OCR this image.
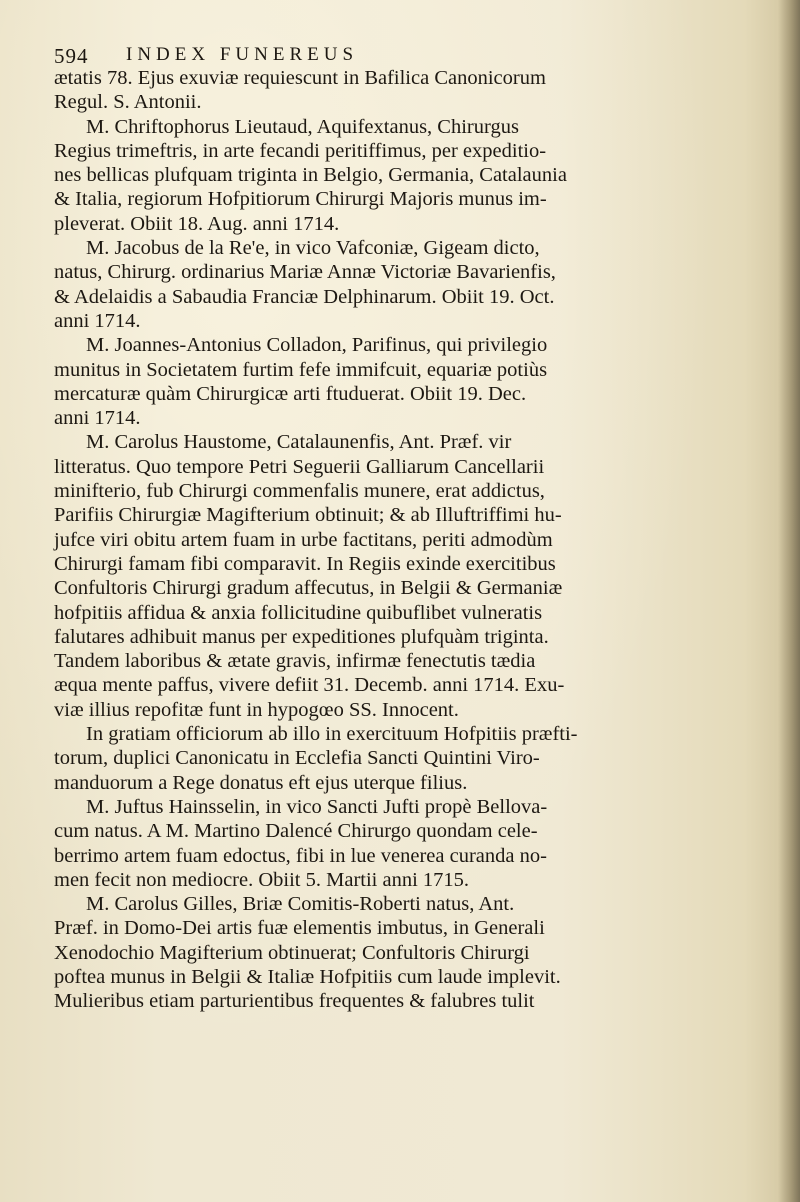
594 INDEX FUNEREUS
ætatis 78. Ejus exuviæ requiescunt in Bafilica Canonicorum
Regul. S. Antonii.
M. Chriftophorus Lieutaud, Aquifextanus, Chirurgus
Regius trimeftris, in arte fecandi peritiffimus, per expeditio-
nes bellicas plufquam triginta in Belgio, Germania, Catalaunia
& Italia, regiorum Hofpitiorum Chirurgi Majoris munus im-
pleverat. Obiit 18. Aug. anni 1714.
M. Jacobus de la Re'e, in vico Vafconiæ, Gigeam dicto,
natus, Chirurg. ordinarius Mariæ Annæ Victoriæ Bavarienfis,
& Adelaidis a Sabaudia Franciæ Delphinarum. Obiit 19. Oct.
anni 1714.
M. Joannes-Antonius Colladon, Parifinus, qui privilegio
munitus in Societatem furtim fefe immifcuit, equariæ potiùs
mercaturæ quàm Chirurgicæ arti ftuduerat. Obiit 19. Dec.
anni 1714.
M. Carolus Haustome, Catalaunenfis, Ant. Præf. vir
litteratus. Quo tempore Petri Seguerii Galliarum Cancellarii
minifterio, fub Chirurgi commenfalis munere, erat addictus,
Parifiis Chirurgiæ Magifterium obtinuit; & ab Illuftriffimi hu-
jufce viri obitu artem fuam in urbe factitans, periti admodùm
Chirurgi famam fibi comparavit. In Regiis exinde exercitibus
Confultoris Chirurgi gradum affecutus, in Belgii & Germaniæ
hofpitiis affidua & anxia follicitudine quibuflibet vulneratis
falutares adhibuit manus per expeditiones plufquàm triginta.
Tandem laboribus & ætate gravis, infirmæ fenectutis tædia
æqua mente paffus, vivere defiit 31. Decemb. anni 1714. Exu-
viæ illius repofitæ funt in hypogœo SS. Innocent.
In gratiam officiorum ab illo in exercituum Hofpitiis præfti-
torum, duplici Canonicatu in Ecclefia Sancti Quintini Viro-
manduorum a Rege donatus eft ejus uterque filius.
M. Juftus Hainsselin, in vico Sancti Jufti propè Bellova-
cum natus. A M. Martino Dalencé Chirurgo quondam cele-
berrimo artem fuam edoctus, fibi in lue venerea curanda no-
men fecit non mediocre. Obiit 5. Martii anni 1715.
M. Carolus Gilles, Briæ Comitis-Roberti natus, Ant.
Præf. in Domo-Dei artis fuæ elementis imbutus, in Generali
Xenodochio Magifterium obtinuerat; Confultoris Chirurgi
poftea munus in Belgii & Italiæ Hofpitiis cum laude implevit.
Mulieribus etiam parturientibus frequentes & falubres tulit
